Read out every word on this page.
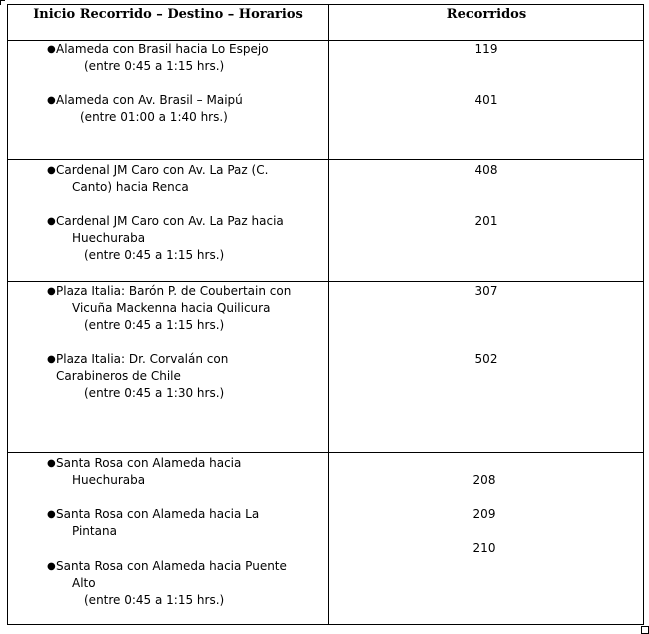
Inicio Recorrido – Destino – Horarios	Recorridos
● Alameda con Brasil hacia Lo Espejo
(entre 0:45 a 1:15 hrs.)
● Alameda con Av. Brasil – Maipú
(entre 01:00 a 1:40 hrs.)
119
401
● Cardenal JM Caro con Av. La Paz (C.
Canto) hacia Renca
● Cardenal JM Caro con Av. La Paz hacia
Huechuraba
(entre 0:45 a 1:15 hrs.)
408
201
● Plaza Italia: Barón P. de Coubertain con
Vicuña Mackenna hacia Quilicura
(entre 0:45 a 1:15 hrs.)
● Plaza Italia: Dr. Corvalán con
Carabineros de Chile
(entre 0:45 a 1:30 hrs.)
307
502
● Santa Rosa con Alameda hacia
Huechuraba
● Santa Rosa con Alameda hacia La
Pintana
● Santa Rosa con Alameda hacia Puente
Alto
(entre 0:45 a 1:15 hrs.)
208
209
210
